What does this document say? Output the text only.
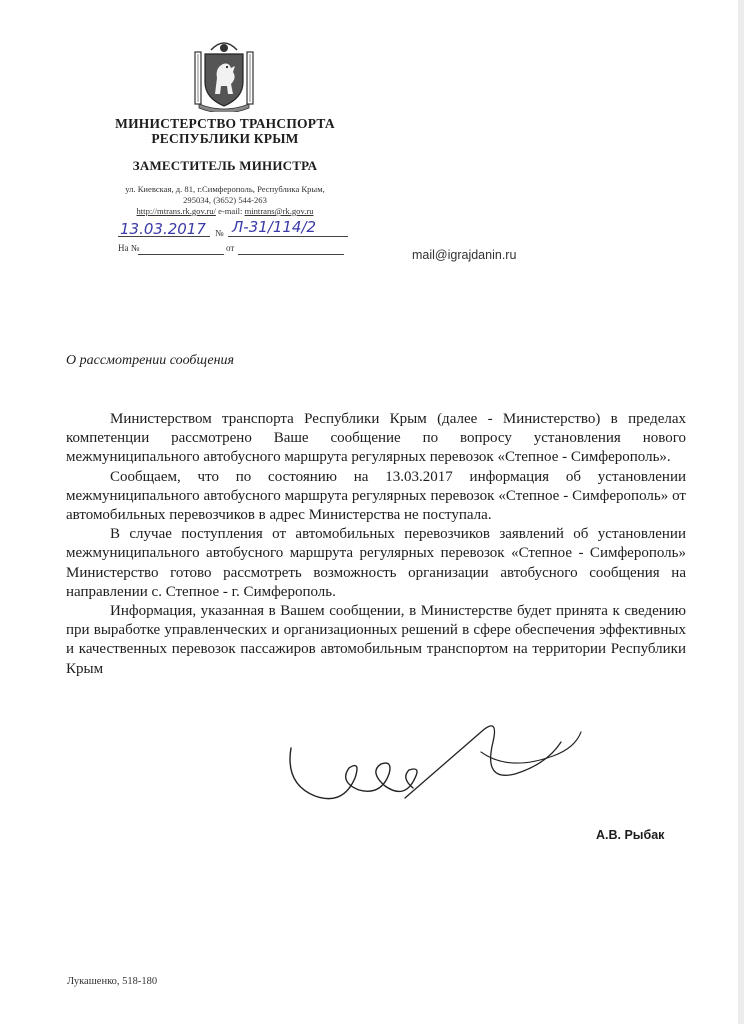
МИНИСТЕРСТВО ТРАНСПОРТА
РЕСПУБЛИКИ КРЫМ
ЗАМЕСТИТЕЛЬ МИНИСТРА
ул. Киевская, д. 81, г.Симферополь, Республика Крым,
295034, (3652) 544-263
http://mtrans.rk.gov.ru/ e-mail: mintrans@rk.gov.ru
13.03.2017 № Л-31/114/2
На №	от	mail@igrajdanin.ru
О рассмотрении сообщения

Министерством транспорта Республики Крым (далее - Министерство) в пределах компетенции рассмотрено Ваше сообщение по вопросу установления нового межмуниципального автобусного маршрута регулярных перевозок «Степное - Симферополь».

Сообщаем, что по состоянию на 13.03.2017 информация об установлении межмуниципального автобусного маршрута регулярных перевозок «Степное - Симферополь» от автомобильных перевозчиков в адрес Министерства не поступала.

В случае поступления от автомобильных перевозчиков заявлений об установлении межмуниципального автобусного маршрута регулярных перевозок «Степное - Симферополь» Министерство готово рассмотреть возможность организации автобусного сообщения на направлении с. Степное - г. Симферополь.

Информация, указанная в Вашем сообщении, в Министерстве будет принята к сведению при выработке управленческих и организационных решений в сфере обеспечения эффективных и качественных перевозок пассажиров автомобильным транспортом на территории Республики Крым

А.В. Рыбак
Лукашенко, 518-180
